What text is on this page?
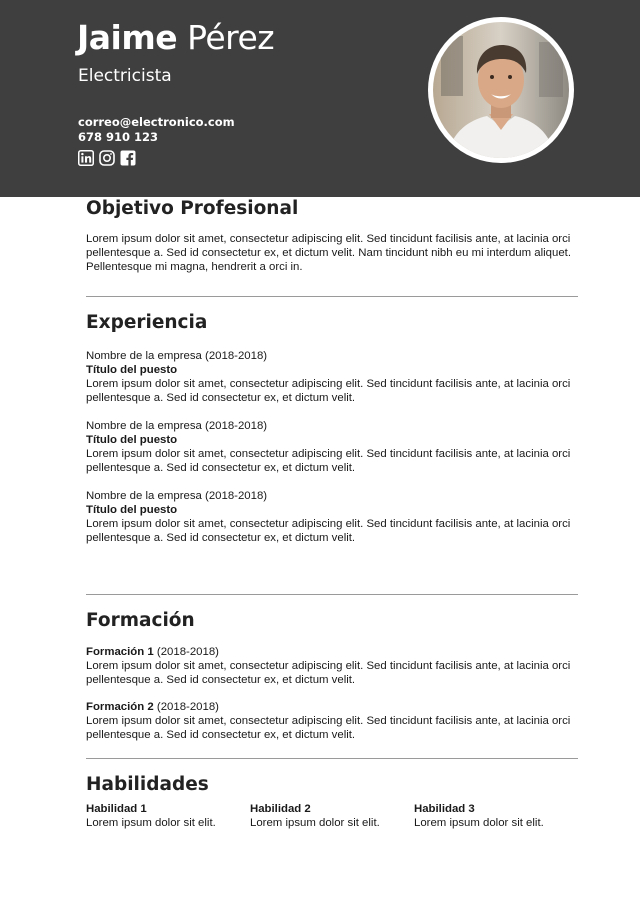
Jaime Pérez
Electricista
correo@electronico.com
678 910 123
Objetivo Profesional
Lorem ipsum dolor sit amet, consectetur adipiscing elit. Sed tincidunt facilisis ante, at lacinia orci pellentesque a. Sed id consectetur ex, et dictum velit. Nam tincidunt nibh eu mi interdum aliquet. Pellentesque mi magna, hendrerit a orci in.
Experiencia
Nombre de la empresa (2018-2018)
Título del puesto
Lorem ipsum dolor sit amet, consectetur adipiscing elit. Sed tincidunt facilisis ante, at lacinia orci pellentesque a. Sed id consectetur ex, et dictum velit.
Nombre de la empresa (2018-2018)
Título del puesto
Lorem ipsum dolor sit amet, consectetur adipiscing elit. Sed tincidunt facilisis ante, at lacinia orci pellentesque a. Sed id consectetur ex, et dictum velit.
Nombre de la empresa (2018-2018)
Título del puesto
Lorem ipsum dolor sit amet, consectetur adipiscing elit. Sed tincidunt facilisis ante, at lacinia orci pellentesque a. Sed id consectetur ex, et dictum velit.
Formación
Formación 1 (2018-2018)
Lorem ipsum dolor sit amet, consectetur adipiscing elit. Sed tincidunt facilisis ante, at lacinia orci pellentesque a. Sed id consectetur ex, et dictum velit.
Formación 2 (2018-2018)
Lorem ipsum dolor sit amet, consectetur adipiscing elit. Sed tincidunt facilisis ante, at lacinia orci pellentesque a. Sed id consectetur ex, et dictum velit.
Habilidades
Habilidad 1
Lorem ipsum dolor sit elit.
Habilidad 2
Lorem ipsum dolor sit elit.
Habilidad 3
Lorem ipsum dolor sit elit.
